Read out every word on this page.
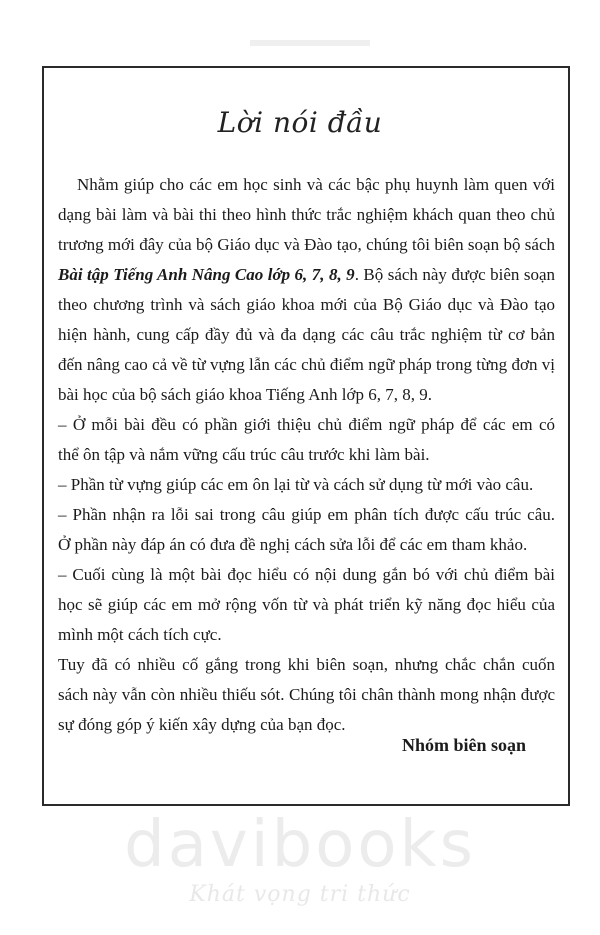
Lời nói đầu
Nhằm giúp cho các em học sinh và các bậc phụ huynh làm quen với
dạng bài làm và bài thi theo hình thức trắc nghiệm khách quan theo chủ
trương mới đây của bộ Giáo dục và Đào tạo, chúng tôi biên soạn bộ sách
Bài tập Tiếng Anh Nâng Cao lớp 6, 7, 8, 9. Bộ sách này được biên soạn
theo chương trình và sách giáo khoa mới của Bộ Giáo dục và Đào tạo
hiện hành, cung cấp đầy đủ và đa dạng các câu trắc nghiệm từ cơ bản
đến nâng cao cả về từ vựng lẫn các chủ điểm ngữ pháp trong từng đơn vị
bài học của bộ sách giáo khoa Tiếng Anh lớp 6, 7, 8, 9.
– Ở mỗi bài đều có phần giới thiệu chủ điểm ngữ pháp để các em có
thể ôn tập và nắm vững cấu trúc câu trước khi làm bài.
– Phần từ vựng giúp các em ôn lại từ và cách sử dụng từ mới vào câu.
– Phần nhận ra lỗi sai trong câu giúp em phân tích được cấu trúc câu.
Ở phần này đáp án có đưa đề nghị cách sửa lỗi để các em tham khảo.
– Cuối cùng là một bài đọc hiểu có nội dung gắn bó với chủ điểm bài
học sẽ giúp các em mở rộng vốn từ và phát triển kỹ năng đọc hiểu của
mình một cách tích cực.
Tuy đã có nhiều cố gắng trong khi biên soạn, nhưng chắc chắn cuốn
sách này vẫn còn nhiều thiếu sót. Chúng tôi chân thành mong nhận được
sự đóng góp ý kiến xây dựng của bạn đọc.
Nhóm biên soạn
davibooks
Khát vọng tri thức
